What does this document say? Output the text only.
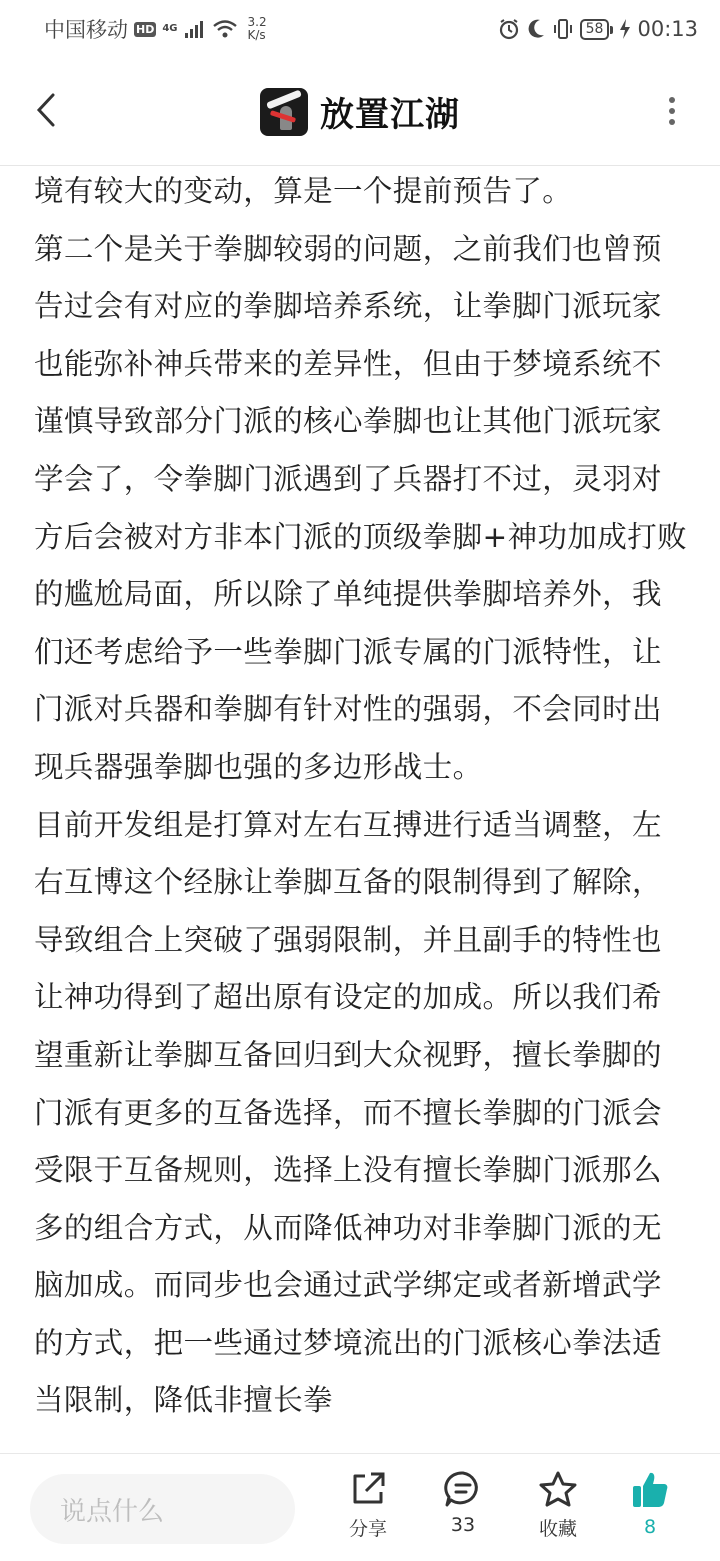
中国移动 HD 4G	3.2
K/s	58 00:13
放置江湖

境有较大的变动，算是一个提前预告了。

第二个是关于拳脚较弱的问题，之前我们也曾预告过会有对应的拳脚培养系统，让拳脚门派玩家也能弥补神兵带来的差异性，但由于梦境系统不谨慎导致部分门派的核心拳脚也让其他门派玩家学会了，令拳脚门派遇到了兵器打不过，灵羽对方后会被对方非本门派的顶级拳脚+神功加成打败的尴尬局面，所以除了单纯提供拳脚培养外，我们还考虑给予一些拳脚门派专属的门派特性，让门派对兵器和拳脚有针对性的强弱，不会同时出现兵器强拳脚也强的多边形战士。

目前开发组是打算对左右互搏进行适当调整，左右互博这个经脉让拳脚互备的限制得到了解除，导致组合上突破了强弱限制，并且副手的特性也让神功得到了超出原有设定的加成。所以我们希望重新让拳脚互备回归到大众视野，擅长拳脚的门派有更多的互备选择，而不擅长拳脚的门派会受限于互备规则，选择上没有擅长拳脚门派那么多的组合方式，从而降低神功对非拳脚门派的无脑加成。而同步也会通过武学绑定或者新增武学的方式，把一些通过梦境流出的门派核心拳法适当限制，降低非擅长拳

说点什么
分享	33	收藏	8
